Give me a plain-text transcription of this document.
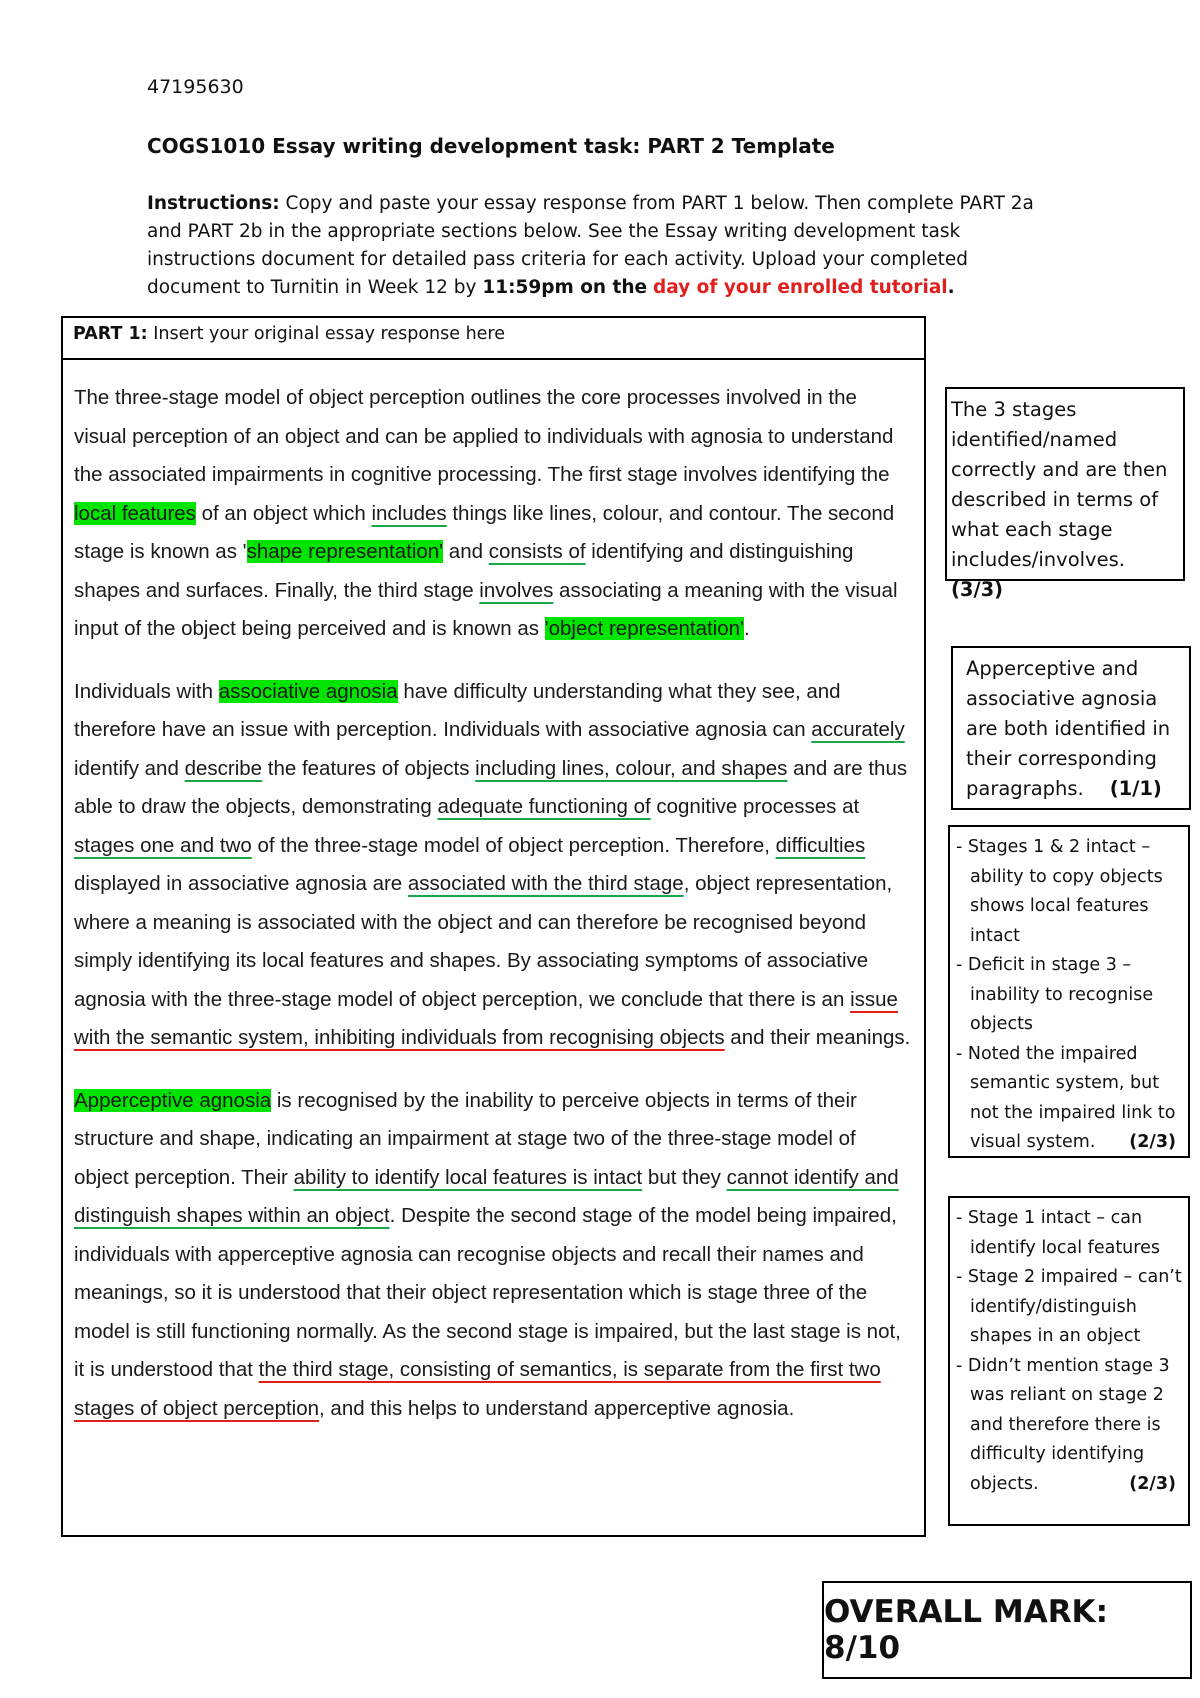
47195630
COGS1010 Essay writing development task: PART 2 Template
Instructions: Copy and paste your essay response from PART 1 below. Then complete PART 2a and PART 2b in the appropriate sections below. See the Essay writing development task instructions document for detailed pass criteria for each activity. Upload your completed document to Turnitin in Week 12 by 11:59pm on the day of your enrolled tutorial.
PART 1: Insert your original essay response here

The three-stage model of object perception outlines the core processes involved in the visual perception of an object and can be applied to individuals with agnosia to understand the associated impairments in cognitive processing. The first stage involves identifying the local features of an object which includes things like lines, colour, and contour. The second stage is known as 'shape representation' and consists of identifying and distinguishing shapes and surfaces. Finally, the third stage involves associating a meaning with the visual input of the object being perceived and is known as 'object representation'.

Individuals with associative agnosia have difficulty understanding what they see, and therefore have an issue with perception. Individuals with associative agnosia can accurately identify and describe the features of objects including lines, colour, and shapes and are thus able to draw the objects, demonstrating adequate functioning of cognitive processes at stages one and two of the three-stage model of object perception. Therefore, difficulties displayed in associative agnosia are associated with the third stage, object representation, where a meaning is associated with the object and can therefore be recognised beyond simply identifying its local features and shapes. By associating symptoms of associative agnosia with the three-stage model of object perception, we conclude that there is an issue with the semantic system, inhibiting individuals from recognising objects and their meanings.

Apperceptive agnosia is recognised by the inability to perceive objects in terms of their structure and shape, indicating an impairment at stage two of the three-stage model of object perception. Their ability to identify local features is intact but they cannot identify and distinguish shapes within an object. Despite the second stage of the model being impaired, individuals with apperceptive agnosia can recognise objects and recall their names and meanings, so it is understood that their object representation which is stage three of the model is still functioning normally. As the second stage is impaired, but the last stage is not, it is understood that the third stage, consisting of semantics, is separate from the first two stages of object perception, and this helps to understand apperceptive agnosia.

The 3 stages identified/named correctly and are then described in terms of what each stage includes/involves. (3/3)
Apperceptive and associative agnosia are both identified in their corresponding paragraphs. (1/1)
- Stages 1 & 2 intact – ability to copy objects shows local features intact
- Deficit in stage 3 – inability to recognise objects
- Noted the impaired semantic system, but not the impaired link to visual system. (2/3)
- Stage 1 intact – can identify local features
- Stage 2 impaired – can’t identify/distinguish shapes in an object
- Didn’t mention stage 3 was reliant on stage 2 and therefore there is difficulty identifying objects.	(2/3)
OVERALL MARK: 8/10
